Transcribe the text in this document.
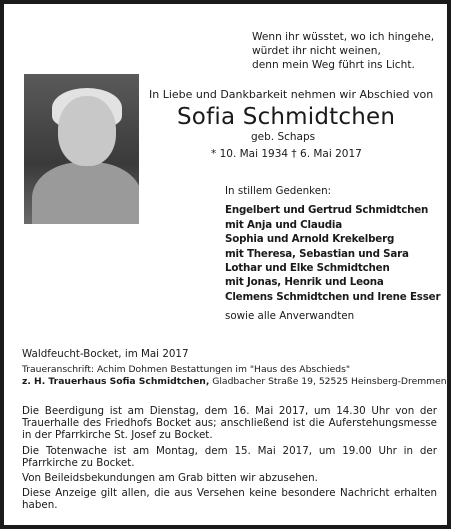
Wenn ihr wüsstet, wo ich hingehe,
würdet ihr nicht weinen,
denn mein Weg führt ins Licht.
In Liebe und Dankbarkeit nehmen wir Abschied von
Sofia Schmidtchen
geb. Schaps
* 10. Mai 1934 † 6. Mai 2017
In stillem Gedenken:
Engelbert und Gertrud Schmidtchen
mit Anja und Claudia
Sophia und Arnold Krekelberg
mit Theresa, Sebastian und Sara
Lothar und Elke Schmidtchen
mit Jonas, Henrik und Leona
Clemens Schmidtchen und Irene Esser
sowie alle Anverwandten
Waldfeucht-Bocket, im Mai 2017
Traueranschrift: Achim Dohmen Bestattungen im "Haus des Abschieds"
z. H. Trauerhaus Sofia Schmidtchen, Gladbacher Straße 19, 52525 Heinsberg-Dremmen

Die Beerdigung ist am Dienstag, dem 16. Mai 2017, um 14.30 Uhr von der Trauerhalle des Friedhofs Bocket aus; anschließend ist die Auferstehungsmesse in der Pfarrkirche St. Josef zu Bocket.

Die Totenwache ist am Montag, dem 15. Mai 2017, um 19.00 Uhr in der Pfarrkirche zu Bocket.

Von Beileidsbekundungen am Grab bitten wir abzusehen.

Diese Anzeige gilt allen, die aus Versehen keine besondere Nachricht erhalten haben.
